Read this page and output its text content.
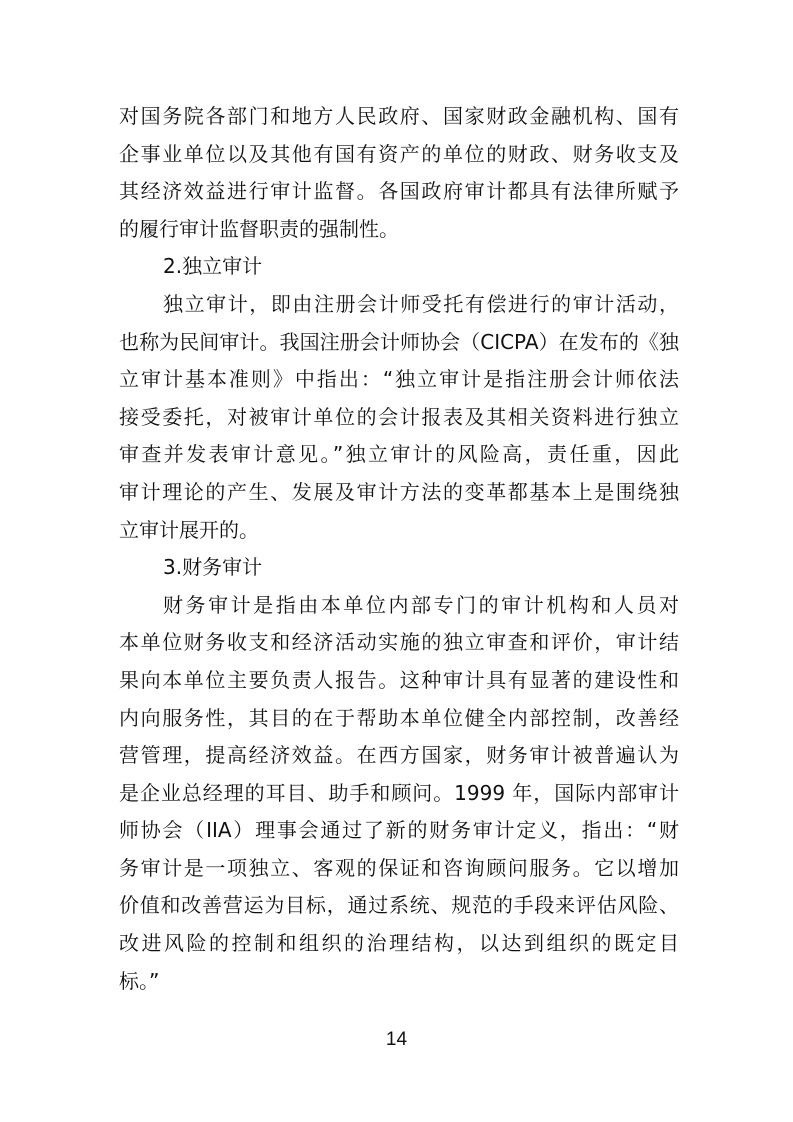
对国务院各部门和地方人民政府、国家财政金融机构、国有
企事业单位以及其他有国有资产的单位的财政、财务收支及
其经济效益进行审计监督。各国政府审计都具有法律所赋予
的履行审计监督职责的强制性。
2.独立审计
独立审计，即由注册会计师受托有偿进行的审计活动，
也称为民间审计。我国注册会计师协会（CICPA）在发布的《独
立审计基本准则》中指出：“独立审计是指注册会计师依法
接受委托，对被审计单位的会计报表及其相关资料进行独立
审查并发表审计意见。”独立审计的风险高，责任重，因此
审计理论的产生、发展及审计方法的变革都基本上是围绕独
立审计展开的。
3.财务审计
财务审计是指由本单位内部专门的审计机构和人员对
本单位财务收支和经济活动实施的独立审查和评价，审计结
果向本单位主要负责人报告。这种审计具有显著的建设性和
内向服务性，其目的在于帮助本单位健全内部控制，改善经
营管理，提高经济效益。在西方国家，财务审计被普遍认为
是企业总经理的耳目、助手和顾问。1999 年，国际内部审计
师协会（IIA）理事会通过了新的财务审计定义，指出：“财
务审计是一项独立、客观的保证和咨询顾问服务。它以增加
价值和改善营运为目标，通过系统、规范的手段来评估风险、
改进风险的控制和组织的治理结构，以达到组织的既定目
标。”
14
